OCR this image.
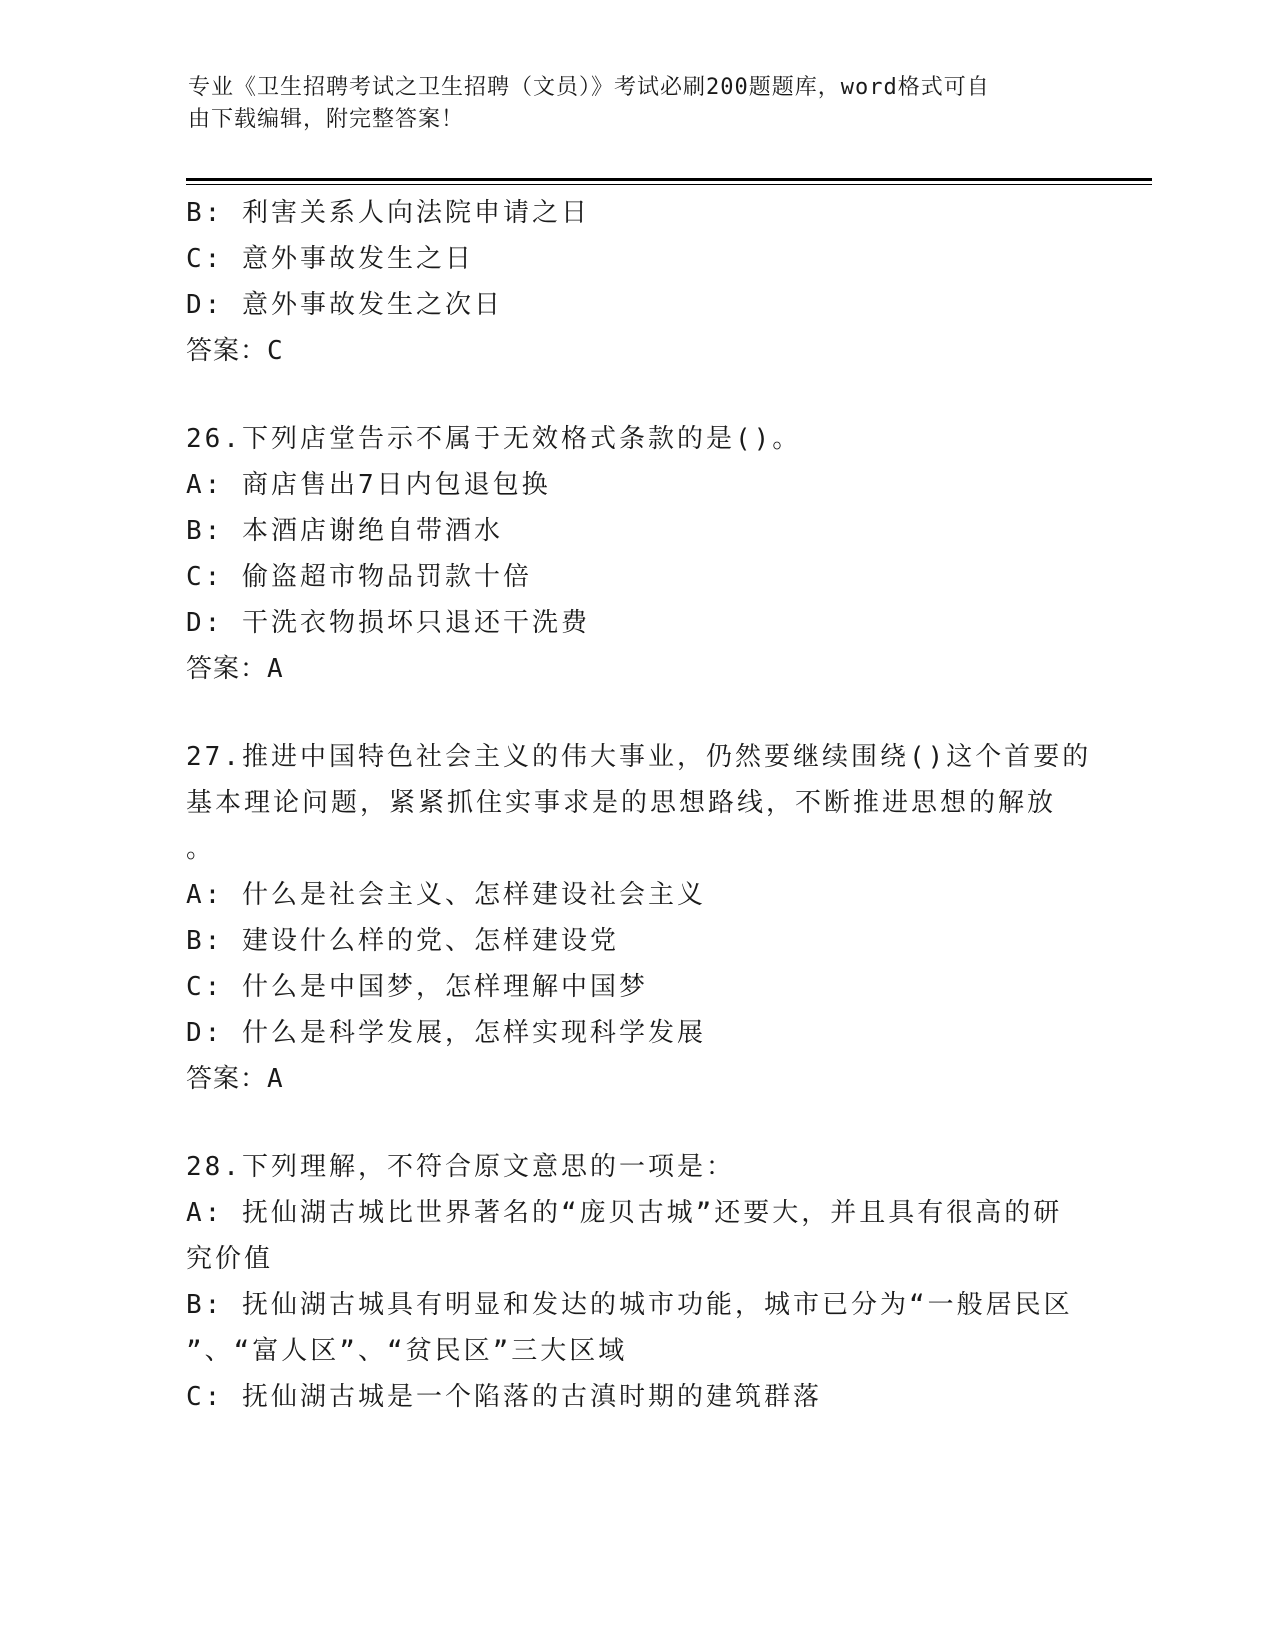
专业《卫生招聘考试之卫生招聘（文员）》考试必刷200题题库，word格式可自
由下载编辑，附完整答案！
B: 利害关系人向法院申请之日
C: 意外事故发生之日
D: 意外事故发生之次日
答案：C
26.下列店堂告示不属于无效格式条款的是()。
A: 商店售出7日内包退包换
B: 本酒店谢绝自带酒水
C: 偷盗超市物品罚款十倍
D: 干洗衣物损坏只退还干洗费
答案：A
27.推进中国特色社会主义的伟大事业，仍然要继续围绕()这个首要的
基本理论问题，紧紧抓住实事求是的思想路线，不断推进思想的解放
。
A: 什么是社会主义、怎样建设社会主义
B: 建设什么样的党、怎样建设党
C: 什么是中国梦，怎样理解中国梦
D: 什么是科学发展，怎样实现科学发展
答案：A
28.下列理解，不符合原文意思的一项是：
A: 抚仙湖古城比世界著名的“庞贝古城”还要大，并且具有很高的研
究价值
B: 抚仙湖古城具有明显和发达的城市功能，城市已分为“一般居民区
”、“富人区”、“贫民区”三大区域
C: 抚仙湖古城是一个陷落的古滇时期的建筑群落
